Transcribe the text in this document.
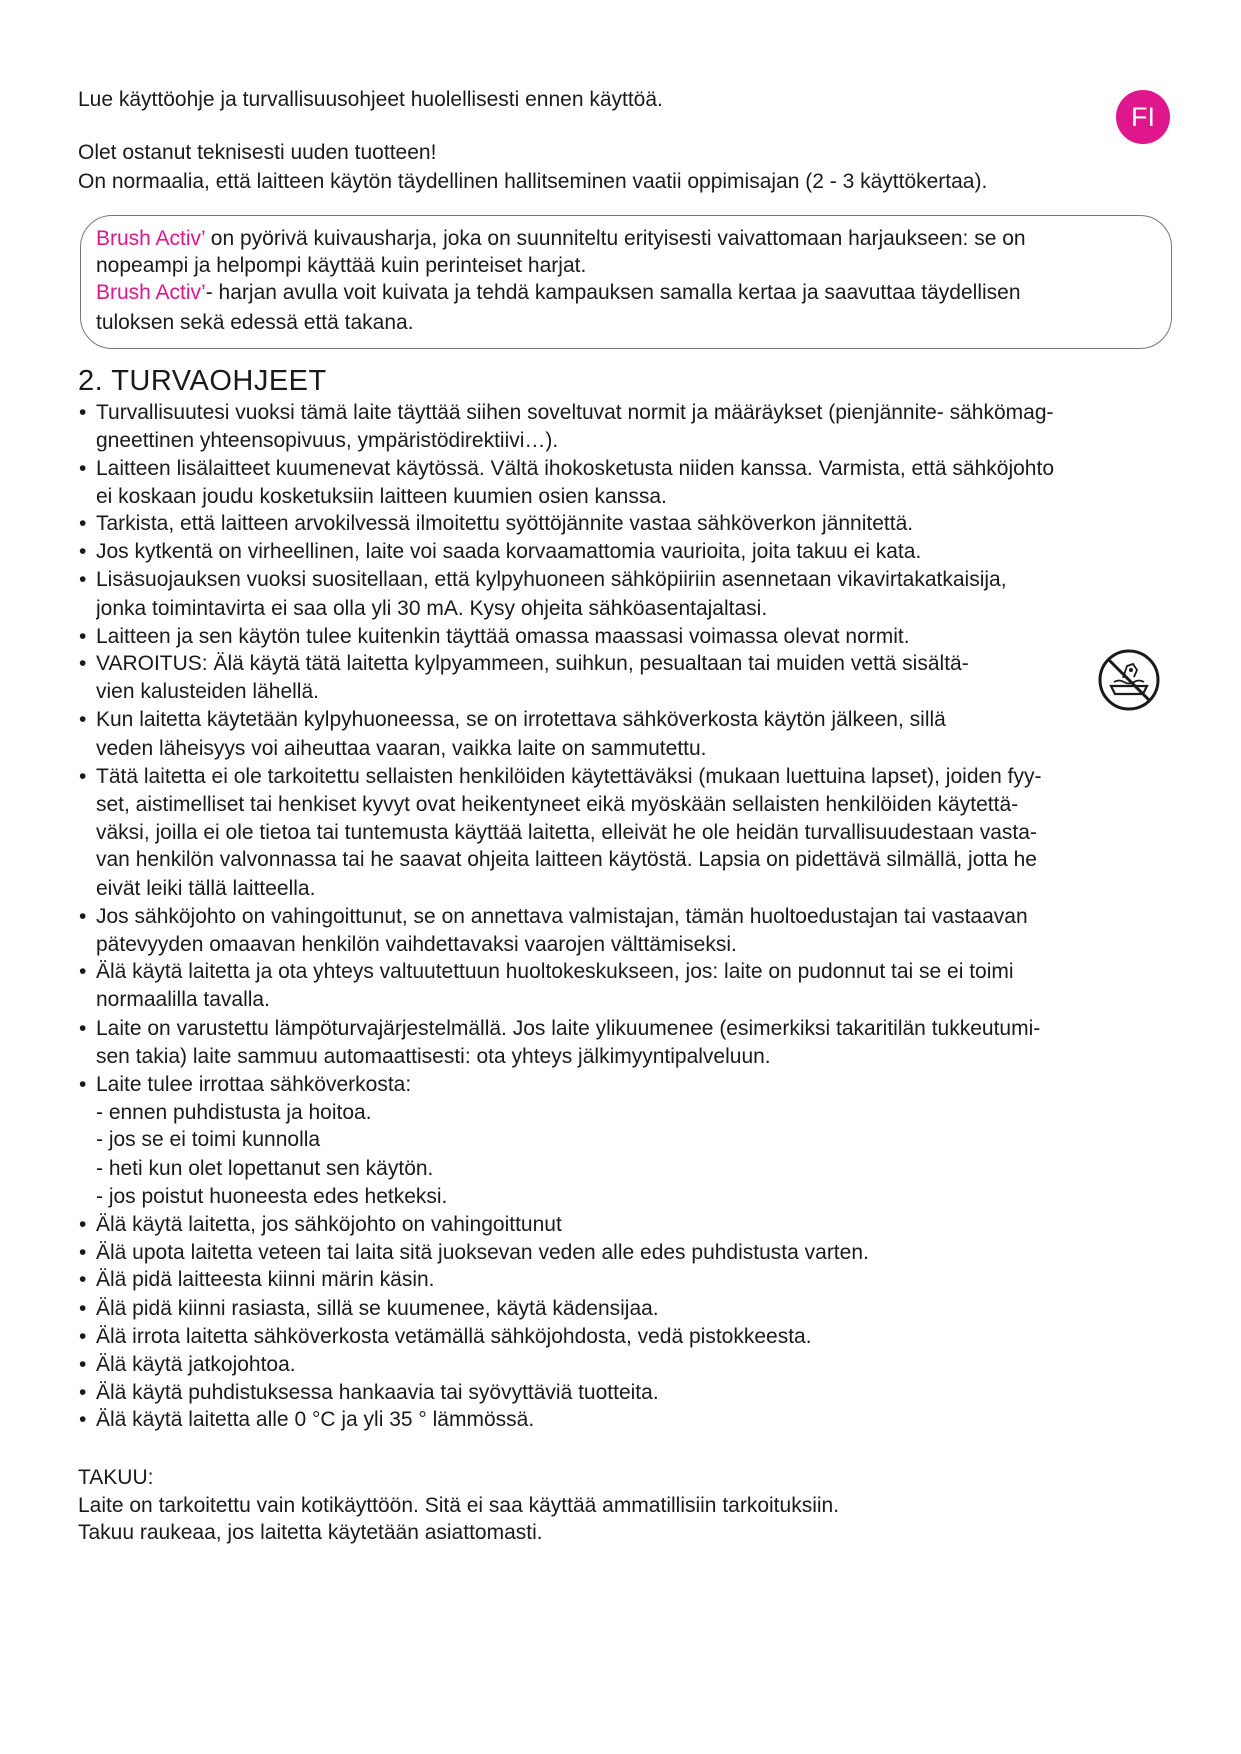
Lue käyttöohje ja turvallisuusohjeet huolellisesti ennen käyttöä.
FI
Olet ostanut teknisesti uuden tuotteen!
On normaalia, että laitteen käytön täydellinen hallitseminen vaatii oppimisajan (2 - 3 käyttökertaa).
Brush Activ’ on pyörivä kuivausharja, joka on suunniteltu erityisesti vaivattomaan harjaukseen: se on
nopeampi ja helpompi käyttää kuin perinteiset harjat.
Brush Activ’- harjan avulla voit kuivata ja tehdä kampauksen samalla kertaa ja saavuttaa täydellisen
tuloksen sekä edessä että takana.
2. TURVAOHJEET
• Turvallisuutesi vuoksi tämä laite täyttää siihen soveltuvat normit ja määräykset (pienjännite- sähkömag-
gneettinen yhteensopivuus, ympäristödirektiivi…).
• Laitteen lisälaitteet kuumenevat käytössä. Vältä ihokosketusta niiden kanssa. Varmista, että sähköjohto
ei koskaan joudu kosketuksiin laitteen kuumien osien kanssa.
• Tarkista, että laitteen arvokilvessä ilmoitettu syöttöjännite vastaa sähköverkon jännitettä.
• Jos kytkentä on virheellinen, laite voi saada korvaamattomia vaurioita, joita takuu ei kata.
• Lisäsuojauksen vuoksi suositellaan, että kylpyhuoneen sähköpiiriin asennetaan vikavirtakatkaisija,
jonka toimintavirta ei saa olla yli 30 mA. Kysy ohjeita sähköasentajaltasi.
• Laitteen ja sen käytön tulee kuitenkin täyttää omassa maassasi voimassa olevat normit.
• VAROITUS: Älä käytä tätä laitetta kylpyammeen, suihkun, pesualtaan tai muiden vettä sisältä-
vien kalusteiden lähellä.
• Kun laitetta käytetään kylpyhuoneessa, se on irrotettava sähköverkosta käytön jälkeen, sillä
veden läheisyys voi aiheuttaa vaaran, vaikka laite on sammutettu.
• Tätä laitetta ei ole tarkoitettu sellaisten henkilöiden käytettäväksi (mukaan luettuina lapset), joiden fyy-
set, aistimelliset tai henkiset kyvyt ovat heikentyneet eikä myöskään sellaisten henkilöiden käytettä-
väksi, joilla ei ole tietoa tai tuntemusta käyttää laitetta, elleivät he ole heidän turvallisuudestaan vasta-
van henkilön valvonnassa tai he saavat ohjeita laitteen käytöstä. Lapsia on pidettävä silmällä, jotta he
eivät leiki tällä laitteella.
• Jos sähköjohto on vahingoittunut, se on annettava valmistajan, tämän huoltoedustajan tai vastaavan
pätevyyden omaavan henkilön vaihdettavaksi vaarojen välttämiseksi.
• Älä käytä laitetta ja ota yhteys valtuutettuun huoltokeskukseen, jos: laite on pudonnut tai se ei toimi
normaalilla tavalla.
• Laite on varustettu lämpöturvajärjestelmällä. Jos laite ylikuumenee (esimerkiksi takaritilän tukkeutumi-
sen takia) laite sammuu automaattisesti: ota yhteys jälkimyyntipalveluun.
• Laite tulee irrottaa sähköverkosta:
- ennen puhdistusta ja hoitoa.
- jos se ei toimi kunnolla
- heti kun olet lopettanut sen käytön.
- jos poistut huoneesta edes hetkeksi.
• Älä käytä laitetta, jos sähköjohto on vahingoittunut
• Älä upota laitetta veteen tai laita sitä juoksevan veden alle edes puhdistusta varten.
• Älä pidä laitteesta kiinni märin käsin.
• Älä pidä kiinni rasiasta, sillä se kuumenee, käytä kädensijaa.
• Älä irrota laitetta sähköverkosta vetämällä sähköjohdosta, vedä pistokkeesta.
• Älä käytä jatkojohtoa.
• Älä käytä puhdistuksessa hankaavia tai syövyttäviä tuotteita.
• Älä käytä laitetta alle 0 °C ja yli 35 ° lämmössä.
TAKUU:
Laite on tarkoitettu vain kotikäyttöön. Sitä ei saa käyttää ammatillisiin tarkoituksiin.
Takuu raukeaa, jos laitetta käytetään asiattomasti.
